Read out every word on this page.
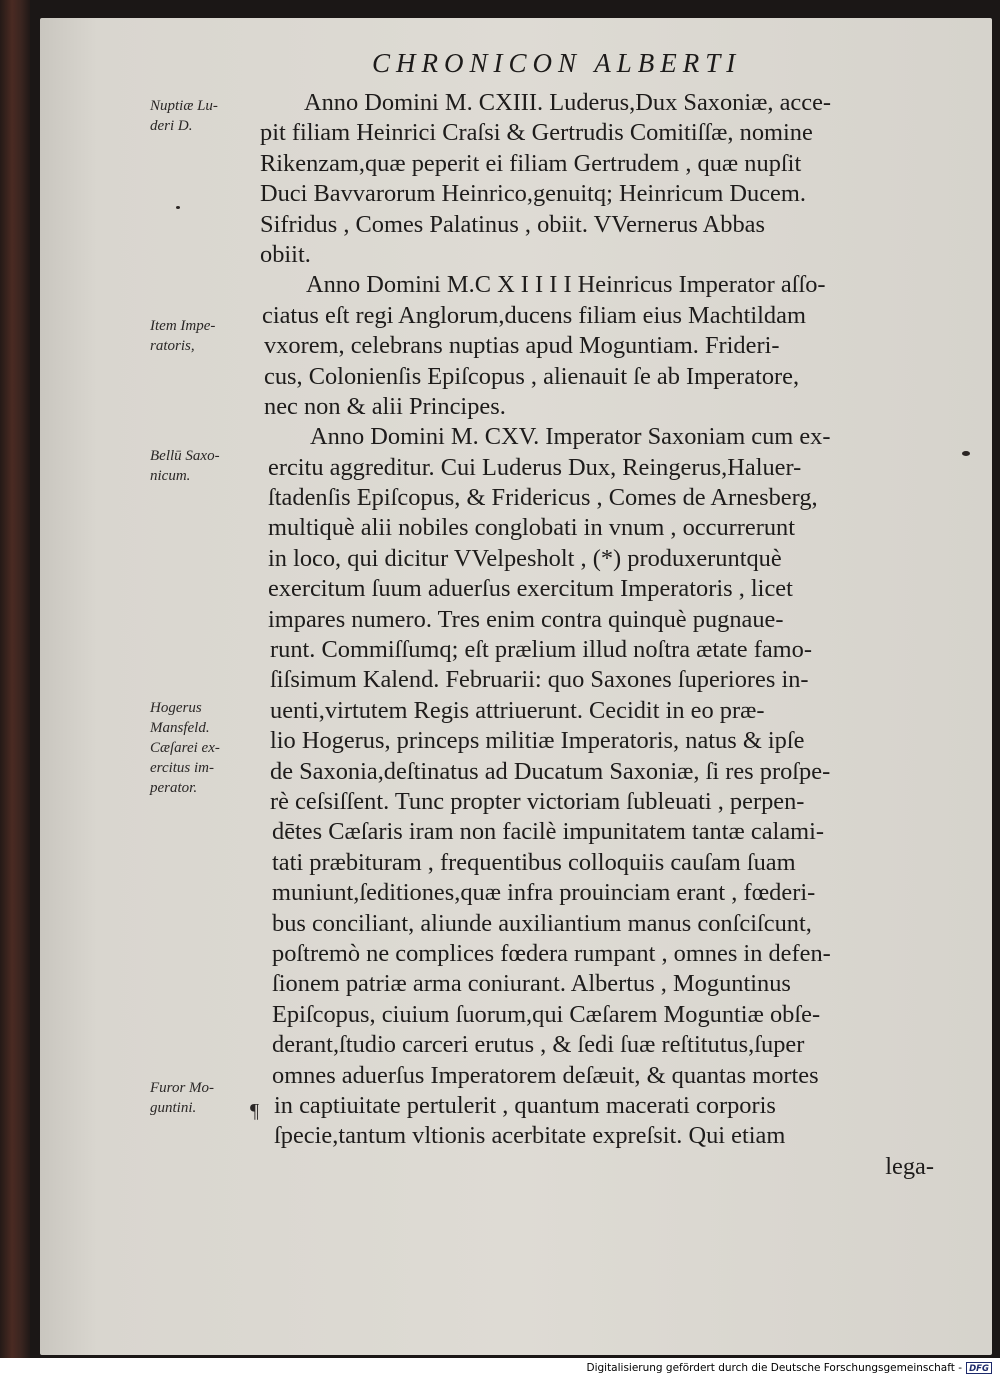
CHRONICON ALBERTI
Anno Domini M. CXIII. Luderus,Dux Saxoniæ, acce-
pit filiam Heinrici Craſsi & Gertrudis Comitiſſæ, nomine
Rikenzam,quæ peperit ei filiam Gertrudem , quæ nupſit
Duci Bavvarorum Heinrico,genuitq; Heinricum Ducem.
Sifridus , Comes Palatinus , obiit. VVernerus Abbas
obiit.
Anno Domini M.C X I I I I Heinricus Imperator aſſo-
ciatus eſt regi Anglorum,ducens filiam eius Machtildam
vxorem, celebrans nuptias apud Moguntiam. Frideri-
cus, Colonienſis Epiſcopus , alienauit ſe ab Imperatore,
nec non & alii Principes.
Anno Domini M. CXV. Imperator Saxoniam cum ex-
ercitu aggreditur. Cui Luderus Dux, Reingerus,Haluer-
ſtadenſis Epiſcopus, & Fridericus , Comes de Arnesberg,
multiquè alii nobiles conglobati in vnum , occurrerunt
in loco, qui dicitur VVelpesholt , (*) produxeruntquè
exercitum ſuum aduerſus exercitum Imperatoris , licet
impares numero. Tres enim contra quinquè pugnaue-
runt. Commiſſumq; eſt prælium illud noſtra ætate famo-
ſiſsimum Kalend. Februarii: quo Saxones ſuperiores in-
uenti,virtutem Regis attriuerunt. Cecidit in eo præ-
lio Hogerus, princeps militiæ Imperatoris, natus & ipſe
de Saxonia,deſtinatus ad Ducatum Saxoniæ, ſi res proſpe-
rè ceſsiſſent. Tunc propter victoriam ſubleuati , perpen-
dētes Cæſaris iram non facilè impunitatem tantæ calami-
tati præbituram , frequentibus colloquiis cauſam ſuam
muniunt,ſeditiones,quæ infra prouinciam erant , fœderi-
bus conciliant, aliunde auxiliantium manus conſciſcunt,
poſtremò ne complices fœdera rumpant , omnes in defen-
ſionem patriæ arma coniurant. Albertus , Moguntinus
Epiſcopus, ciuium ſuorum,qui Cæſarem Moguntiæ obſe-
derant,ſtudio carceri erutus , & ſedi ſuæ reſtitutus,ſuper
omnes aduerſus Imperatorem deſæuit, & quantas mortes
in captiuitate pertulerit , quantum macerati corporis
ſpecie,tantum vltionis acerbitate expreſsit. Qui etiam
lega-
Nuptiæ Lu-
deri D.
Item Impe-
ratoris,
Bellū Saxo-
nicum.
Hogerus
Mansfeld.
Cæſarei ex-
ercitus im-
perator.
Furor Mo-
guntini.	¶
Digitalisierung gefördert durch die Deutsche Forschungsgemeinschaft - DFG
